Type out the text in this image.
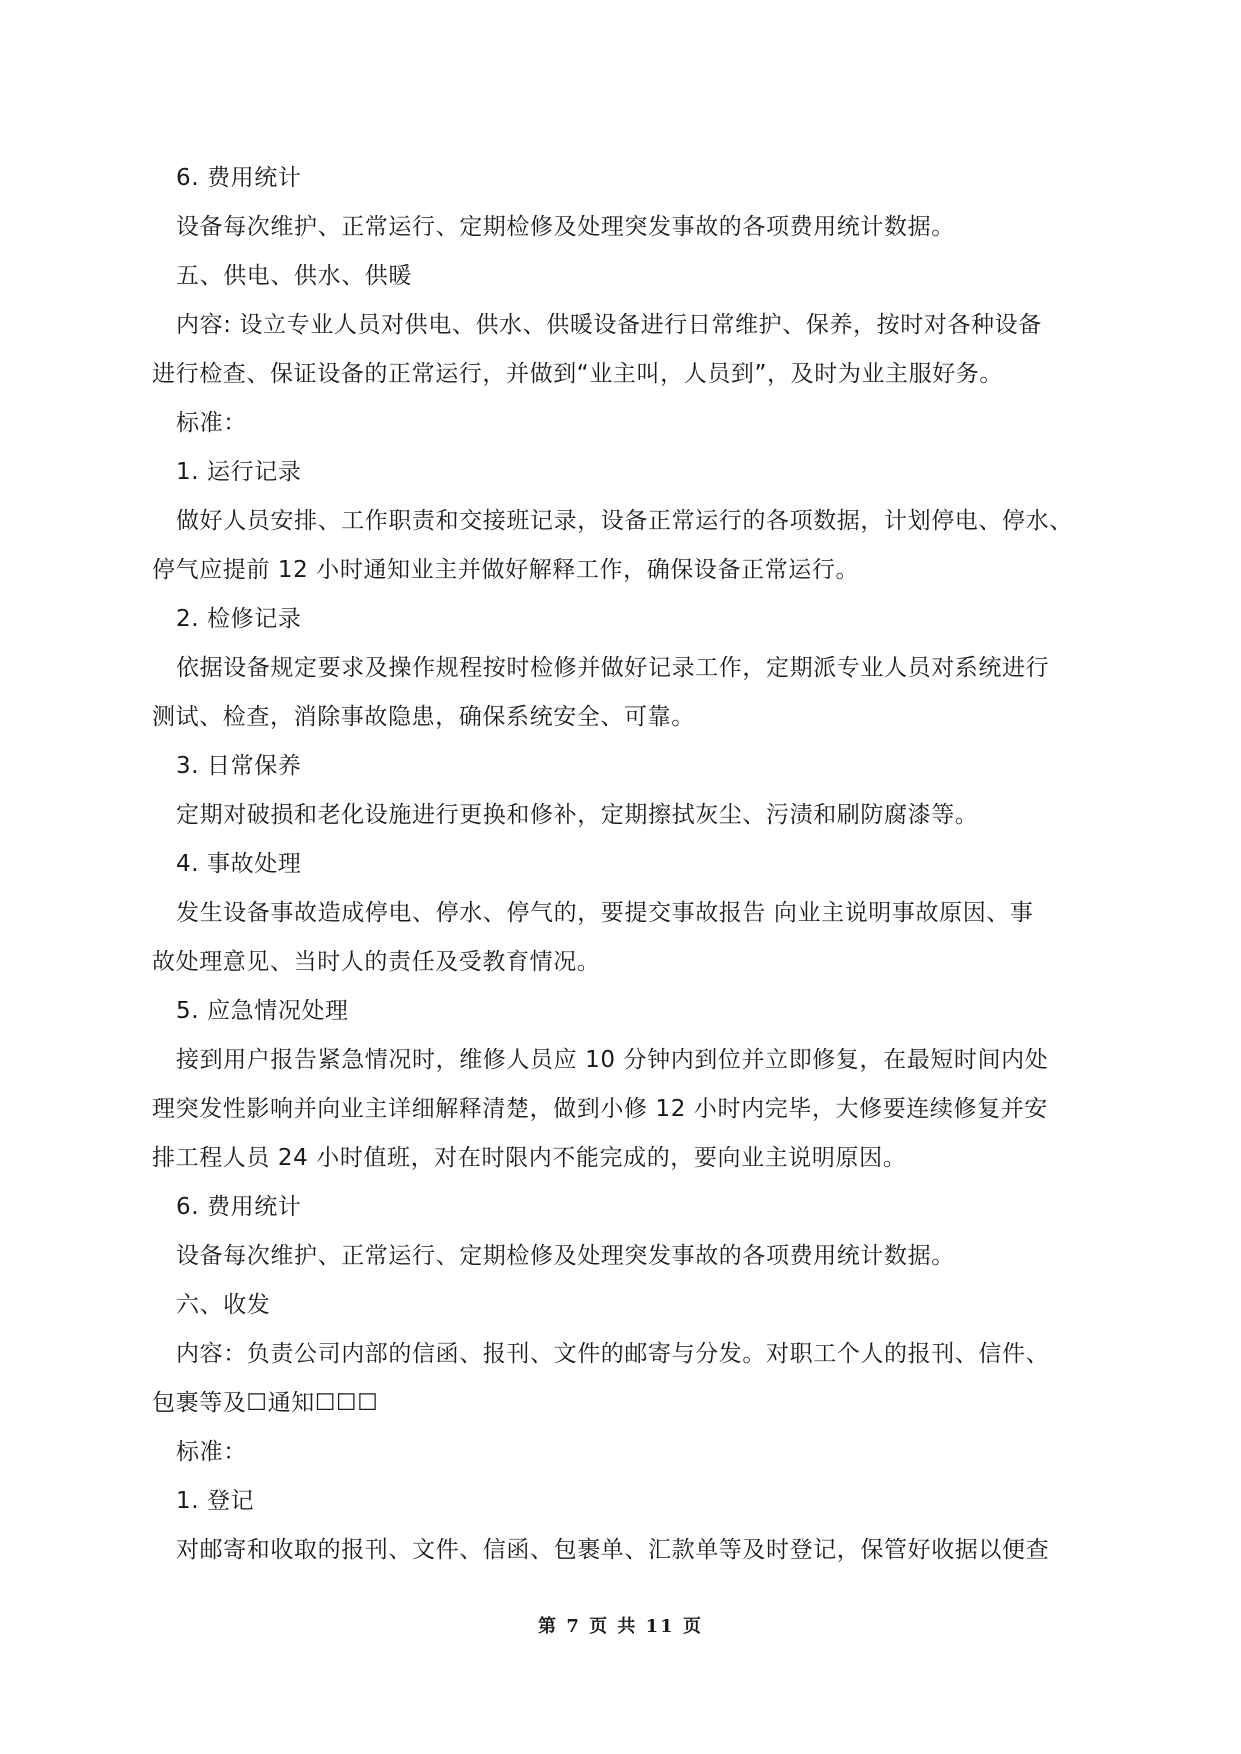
6. 费用统计
设备每次维护、正常运行、定期检修及处理突发事故的各项费用统计数据。
五、供电、供水、供暖
内容: 设立专业人员对供电、供水、供暖设备进行日常维护、保养，按时对各种设备
进行检查、保证设备的正常运行，并做到“业主叫，人员到”，及时为业主服好务。
标准：
1. 运行记录
做好人员安排、工作职责和交接班记录，设备正常运行的各项数据，计划停电、停水、
停气应提前 12 小时通知业主并做好解释工作，确保设备正常运行。
2. 检修记录
依据设备规定要求及操作规程按时检修并做好记录工作，定期派专业人员对系统进行
测试、检查，消除事故隐患，确保系统安全、可靠。
3. 日常保养
定期对破损和老化设施进行更换和修补，定期擦拭灰尘、污渍和刷防腐漆等。
4. 事故处理
发生设备事故造成停电、停水、停气的，要提交事故报告 向业主说明事故原因、事
故处理意见、当时人的责任及受教育情况。
5. 应急情况处理
接到用户报告紧急情况时，维修人员应 10 分钟内到位并立即修复，在最短时间内处
理突发性影响并向业主详细解释清楚，做到小修 12 小时内完毕，大修要连续修复并安
排工程人员 24 小时值班，对在时限内不能完成的，要向业主说明原因。
6. 费用统计
设备每次维护、正常运行、定期检修及处理突发事故的各项费用统计数据。
六、收发
内容：负责公司内部的信函、报刊、文件的邮寄与分发。对职工个人的报刊、信件、
包裹等及☐通知☐☐☐
标准：
1. 登记
对邮寄和收取的报刊、文件、信函、包裹单、汇款单等及时登记，保管好收据以便查
第 7 页 共 11 页
